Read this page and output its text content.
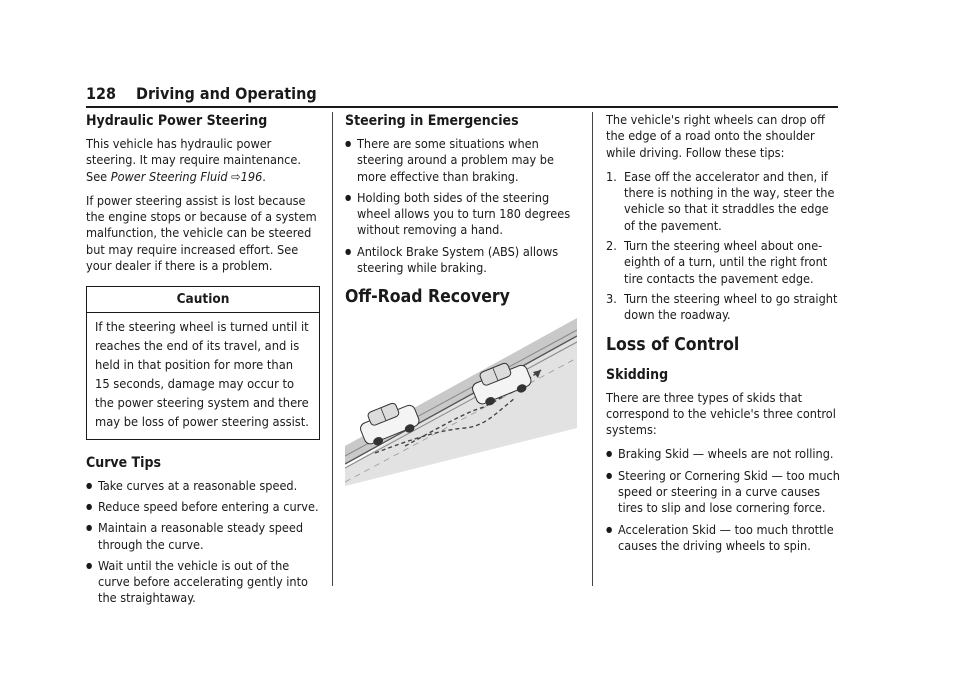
128 Driving and Operating
Hydraulic Power Steering

This vehicle has hydraulic power steering. It may require maintenance. See Power Steering Fluid ⇨196.

If power steering assist is lost because the engine stops or because of a system malfunction, the vehicle can be steered but may require increased effort. See your dealer if there is a problem.

Caution
If the steering wheel is turned until it reaches the end of its travel, and is held in that position for more than 15 seconds, damage may occur to the power steering system and there may be loss of power steering assist.
Curve Tips
● Take curves at a reasonable speed.
● Reduce speed before entering a curve.
● Maintain a reasonable steady speed through the curve.
● Wait until the vehicle is out of the curve before accelerating gently into the straightaway.
Steering in Emergencies
● There are some situations when steering around a problem may be more effective than braking.
● Holding both sides of the steering wheel allows you to turn 180 degrees without removing a hand.
● Antilock Brake System (ABS) allows steering while braking.
Off-Road Recovery

The vehicle's right wheels can drop off the edge of a road onto the shoulder while driving. Follow these tips:

1. Ease off the accelerator and then, if there is nothing in the way, steer the vehicle so that it straddles the edge of the pavement.
2. Turn the steering wheel about one-eighth of a turn, until the right front tire contacts the pavement edge.
3. Turn the steering wheel to go straight down the roadway.
Loss of Control
Skidding

There are three types of skids that correspond to the vehicle's three control systems:

● Braking Skid — wheels are not rolling.
● Steering or Cornering Skid — too much speed or steering in a curve causes tires to slip and lose cornering force.
● Acceleration Skid — too much throttle causes the driving wheels to spin.
